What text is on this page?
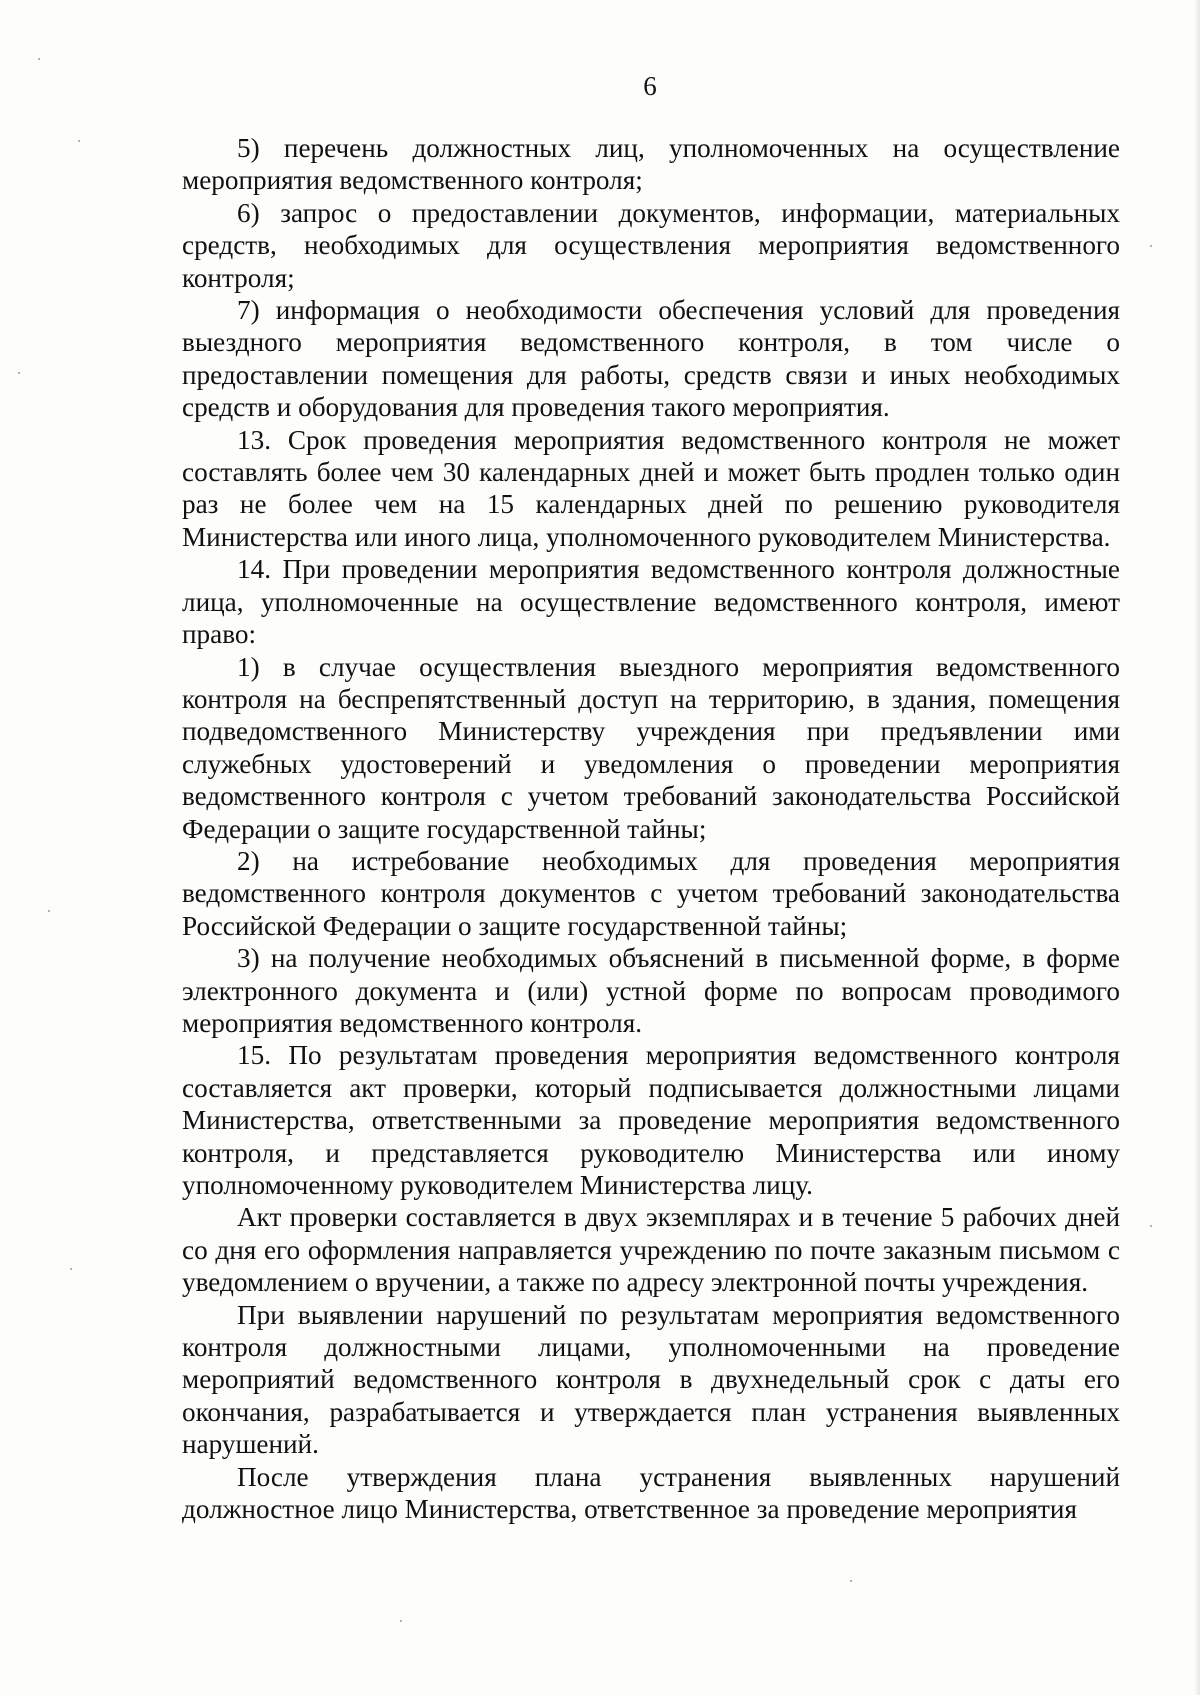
6

5) перечень должностных лиц, уполномоченных на осуществление мероприятия ведомственного контроля;

6) запрос о предоставлении документов, информации, материальных средств, необходимых для осуществления мероприятия ведомственного контроля;

7) информация о необходимости обеспечения условий для проведения выездного мероприятия ведомственного контроля, в том числе о предоставлении помещения для работы, средств связи и иных необходимых средств и оборудования для проведения такого мероприятия.

13. Срок проведения мероприятия ведомственного контроля не может составлять более чем 30 календарных дней и может быть продлен только один раз не более чем на 15 календарных дней по решению руководителя Министерства или иного лица, уполномоченного руководителем Министерства.

14. При проведении мероприятия ведомственного контроля должностные лица, уполномоченные на осуществление ведомственного контроля, имеют право:

1) в случае осуществления выездного мероприятия ведомственного контроля на беспрепятственный доступ на территорию, в здания, помещения подведомственного Министерству учреждения при предъявлении ими служебных удостоверений и уведомления о проведении мероприятия ведомственного контроля с учетом требований законодательства Российской Федерации о защите государственной тайны;

2) на истребование необходимых для проведения мероприятия ведомственного контроля документов с учетом требований законодательства Российской Федерации о защите государственной тайны;

3) на получение необходимых объяснений в письменной форме, в форме электронного документа и (или) устной форме по вопросам проводимого мероприятия ведомственного контроля.

15. По результатам проведения мероприятия ведомственного контроля составляется акт проверки, который подписывается должностными лицами Министерства, ответственными за проведение мероприятия ведомственного контроля, и представляется руководителю Министерства или иному уполномоченному руководителем Министерства лицу.

Акт проверки составляется в двух экземплярах и в течение 5 рабочих дней со дня его оформления направляется учреждению по почте заказным письмом с уведомлением о вручении, а также по адресу электронной почты учреждения.

При выявлении нарушений по результатам мероприятия ведомственного контроля должностными лицами, уполномоченными на проведение мероприятий ведомственного контроля в двухнедельный срок с даты его окончания, разрабатывается и утверждается план устранения выявленных нарушений.

После утверждения плана устранения выявленных нарушений должностное лицо Министерства, ответственное за проведение мероприятия
